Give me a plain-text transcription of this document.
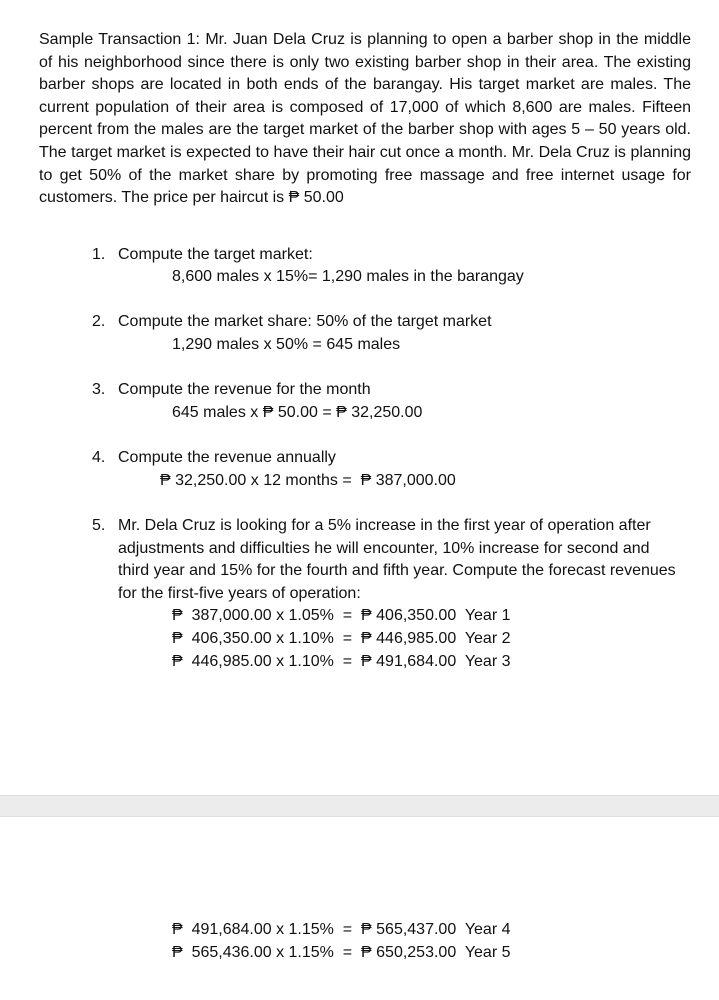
Sample Transaction 1: Mr. Juan Dela Cruz is planning to open a barber shop in the middle of his neighborhood since there is only two existing barber shop in their area. The existing barber shops are located in both ends of the barangay. His target market are males. The current population of their area is composed of 17,000 of which 8,600 are males. Fifteen percent from the males are the target market of the barber shop with ages 5 – 50 years old. The target market is expected to have their hair cut once a month. Mr. Dela Cruz is planning to get 50% of the market share by promoting free massage and free internet usage for customers. The price per haircut is ₱ 50.00

1. Compute the target market:
8,600 males x 15%= 1,290 males in the barangay
2. Compute the market share: 50% of the target market
1,290 males x 50% = 645 males
3. Compute the revenue for the month
645 males x ₱ 50.00 = ₱ 32,250.00
4. Compute the revenue annually
₱ 32,250.00 x 12 months =  ₱ 387,000.00
5. Mr. Dela Cruz is looking for a 5% increase in the first year of operation after adjustments and difficulties he will encounter, 10% increase for second and third year and 15% for the fourth and fifth year. Compute the forecast revenues for the first-five years of operation:
₱  387,000.00 x 1.05%  =  ₱ 406,350.00  Year 1
₱  406,350.00 x 1.10%  =  ₱ 446,985.00  Year 2
₱  446,985.00 x 1.10%  =  ₱ 491,684.00  Year 3
₱  491,684.00 x 1.15%  =  ₱ 565,437.00  Year 4
₱  565,436.00 x 1.15%  =  ₱ 650,253.00  Year 5
